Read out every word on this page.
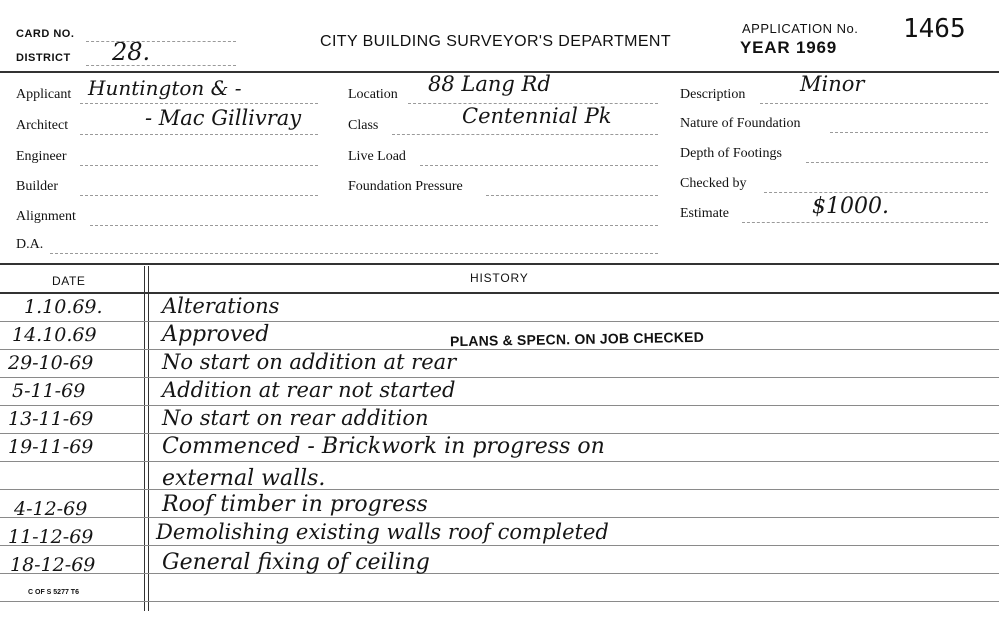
CARD NO.
DISTRICT 28.	CITY BUILDING SURVEYOR'S DEPARTMENT
APPLICATION No. 1465
YEAR 1969
Applicant Huntington & -
Architect	- Mac Gillivray
Engineer
Builder
Alignment
D.A.
Location 88 Lang Rd
Class	Centennial Pk
Live Load
Foundation Pressure
Description	Minor
Nature of Foundation
Depth of Footings
Checked by
Estimate	$1000.
DATE	HISTORY
1.10.69.	Alterations
14.10.69	Approved
29-10-69	No start on addition at rear
5-11-69	Addition at rear not started
13-11-69	No start on rear addition
19-11-69	Commenced - Brickwork in progress on
external walls.
4-12-69	Roof timber in progress
11-12-69	Demolishing existing walls roof completed
18-12-69	General fixing of ceiling
PLANS & SPECN. ON JOB CHECKED
C OF S 5277 T6
